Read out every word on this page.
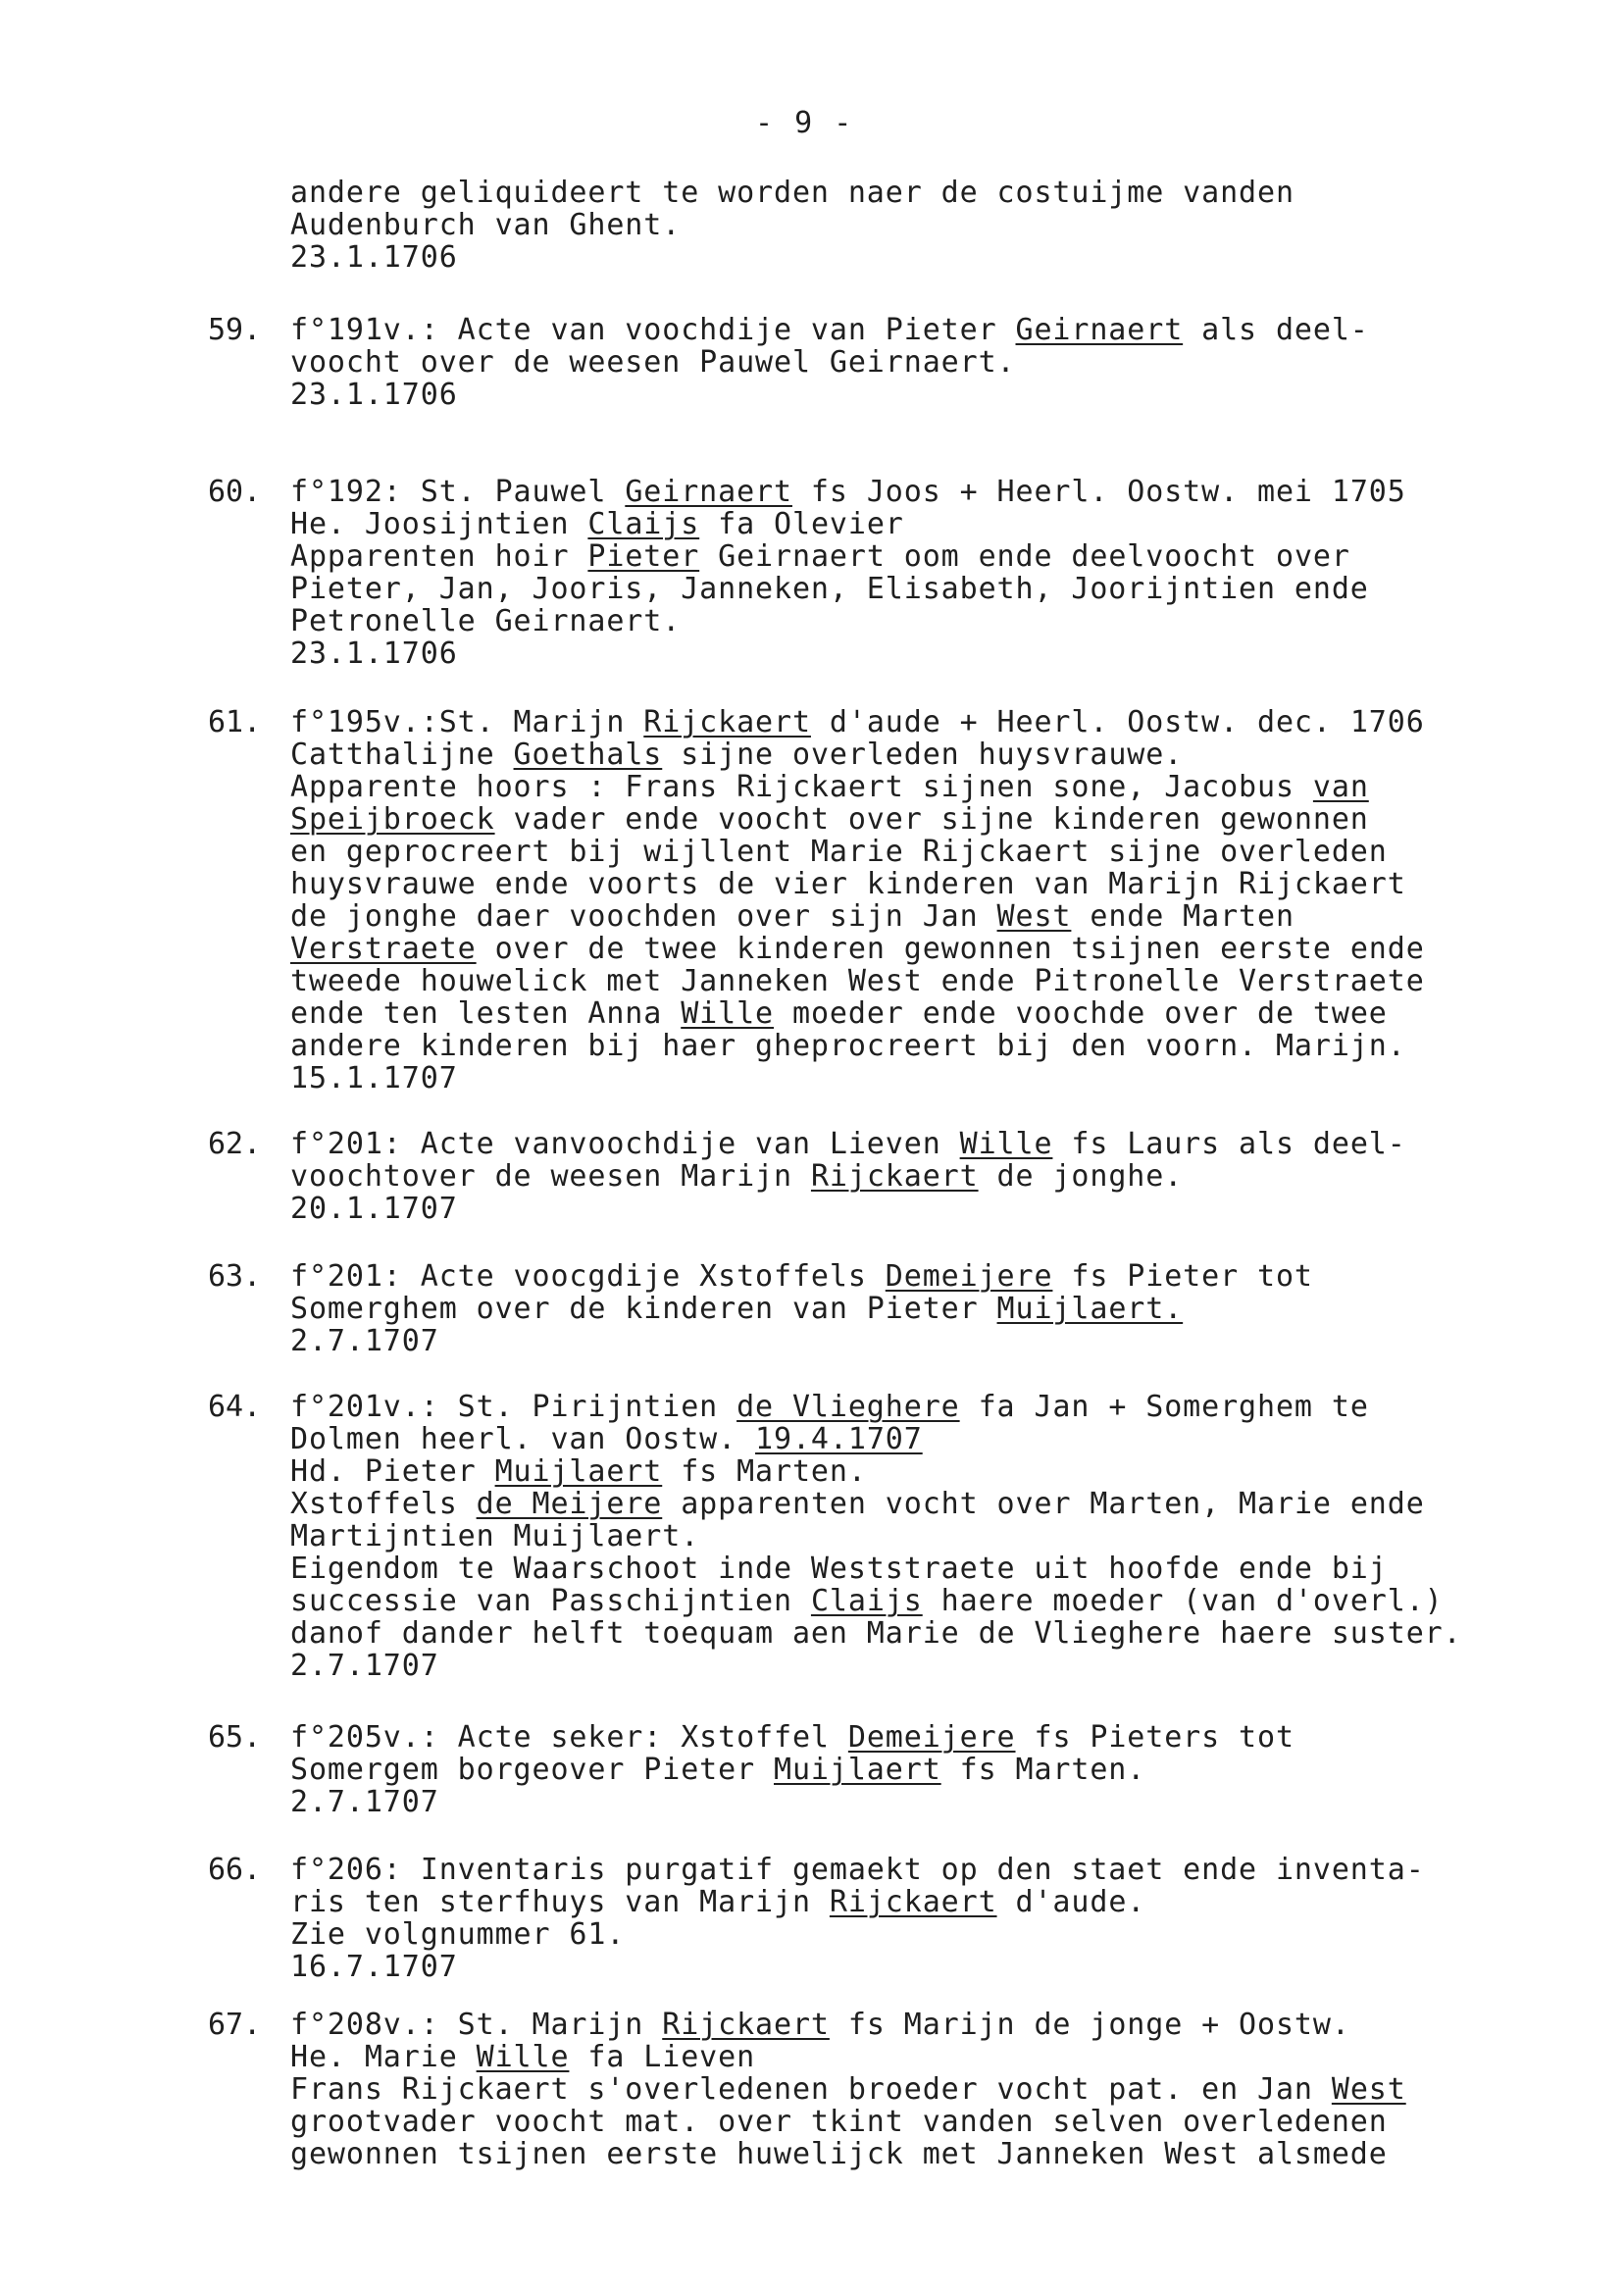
- 9 -
andere geliquideert te worden naer de costuijme vanden
Audenburch van Ghent.
23.1.1706
59. f°191v.: Acte van voochdije van Pieter Geirnaert als deel-
voocht over de weesen Pauwel Geirnaert.
23.1.1706
60. f°192: St. Pauwel Geirnaert fs Joos + Heerl. Oostw. mei 1705
He. Joosijntien Claijs fa Olevier
Apparenten hoir Pieter Geirnaert oom ende deelvoocht over
Pieter, Jan, Jooris, Janneken, Elisabeth, Joorijntien ende
Petronelle Geirnaert.
23.1.1706
61. f°195v.:St. Marijn Rijckaert d'aude + Heerl. Oostw. dec. 1706
Catthalijne Goethals sijne overleden huysvrauwe.
Apparente hoors : Frans Rijckaert sijnen sone, Jacobus van
Speijbroeck vader ende voocht over sijne kinderen gewonnen
en geprocreert bij wijllent Marie Rijckaert sijne overleden
huysvrauwe ende voorts de vier kinderen van Marijn Rijckaert
de jonghe daer voochden over sijn Jan West ende Marten
Verstraete over de twee kinderen gewonnen tsijnen eerste ende
tweede houwelick met Janneken West ende Pitronelle Verstraete
ende ten lesten Anna Wille moeder ende voochde over de twee
andere kinderen bij haer gheprocreert bij den voorn. Marijn.
15.1.1707
62. f°201: Acte vanvoochdije van Lieven Wille fs Laurs als deel-
voochtover de weesen Marijn Rijckaert de jonghe.
20.1.1707
63. f°201: Acte voocgdije Xstoffels Demeijere fs Pieter tot
Somerghem over de kinderen van Pieter Muijlaert.
2.7.1707
64. f°201v.: St. Pirijntien de Vlieghere fa Jan + Somerghem te
Dolmen heerl. van Oostw. 19.4.1707
Hd. Pieter Muijlaert fs Marten.
Xstoffels de Meijere apparenten vocht over Marten, Marie ende
Martijntien Muijlaert.
Eigendom te Waarschoot inde Weststraete uit hoofde ende bij
successie van Passchijntien Claijs haere moeder (van d'overl.)
danof dander helft toequam aen Marie de Vlieghere haere suster.
2.7.1707
65. f°205v.: Acte seker: Xstoffel Demeijere fs Pieters tot
Somergem borgeover Pieter Muijlaert fs Marten.
2.7.1707
66. f°206: Inventaris purgatif gemaekt op den staet ende inventa-
ris ten sterfhuys van Marijn Rijckaert d'aude.
Zie volgnummer 61.
16.7.1707
67. f°208v.: St. Marijn Rijckaert fs Marijn de jonge + Oostw.
He. Marie Wille fa Lieven
Frans Rijckaert s'overledenen broeder vocht pat. en Jan West
grootvader voocht mat. over tkint vanden selven overledenen
gewonnen tsijnen eerste huwelijck met Janneken West alsmede
